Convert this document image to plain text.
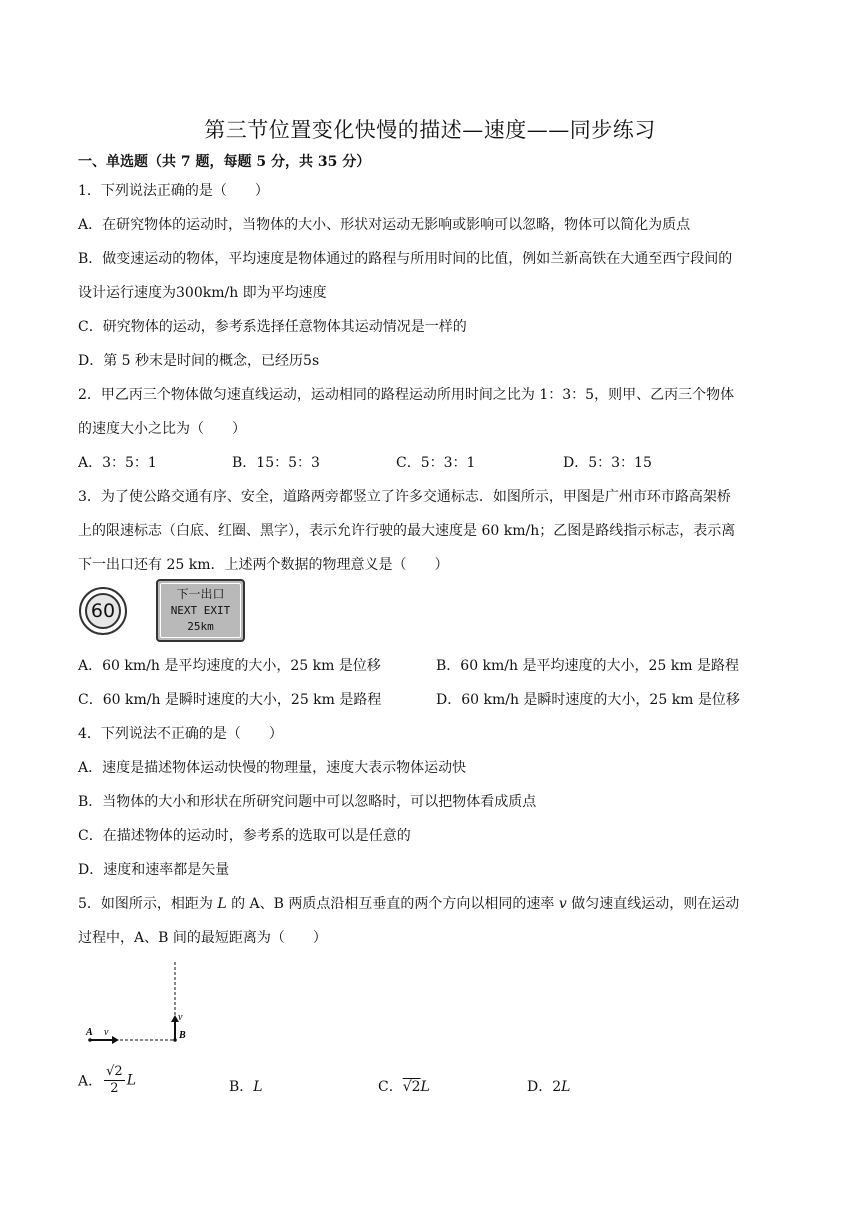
第三节位置变化快慢的描述—速度——同步练习
一、单选题（共 7 题，每题 5 分，共 35 分）
1．下列说法正确的是（　　）
A．在研究物体的运动时，当物体的大小、形状对运动无影响或影响可以忽略，物体可以简化为质点
B．做变速运动的物体，平均速度是物体通过的路程与所用时间的比值，例如兰新高铁在大通至西宁段间的
设计运行速度为300km/h 即为平均速度
C．研究物体的运动，参考系选择任意物体其运动情况是一样的
D．第 5 秒末是时间的概念，已经历5s
2．甲乙丙三个物体做匀速直线运动，运动相同的路程运动所用时间之比为 1：3：5，则甲、乙丙三个物体
的速度大小之比为（　　）
A．3：5：1	B．15：5：3	C．5：3：1	D．5：3：15
3．为了使公路交通有序、安全，道路两旁都竖立了许多交通标志．如图所示，甲图是广州市环市路高架桥
上的限速标志（白底、红圈、黑字），表示允许行驶的最大速度是 60 km/h；乙图是路线指示标志，表示离
下一出口还有 25 km．上述两个数据的物理意义是（　　）
60
下一出口
NEXT EXIT
25km
A．60 km/h 是平均速度的大小，25 km 是位移	B．60 km/h 是平均速度的大小，25 km 是路程
C．60 km/h 是瞬时速度的大小，25 km 是路程	D．60 km/h 是瞬时速度的大小，25 km 是位移
4．下列说法不正确的是（　　）
A．速度是描述物体运动快慢的物理量，速度大表示物体运动快
B．当物体的大小和形状在所研究问题中可以忽略时，可以把物体看成质点
C．在描述物体的运动时，参考系的选取可以是任意的
D．速度和速率都是矢量
5．如图所示，相距为 L 的 A、B 两质点沿相互垂直的两个方向以相同的速率 v 做匀速直线运动，则在运动
过程中，A、B 间的最短距离为（　　）
A v	B
v
A． $\frac{√2}{2}$ L	B．L	C．√2L	D．2L
